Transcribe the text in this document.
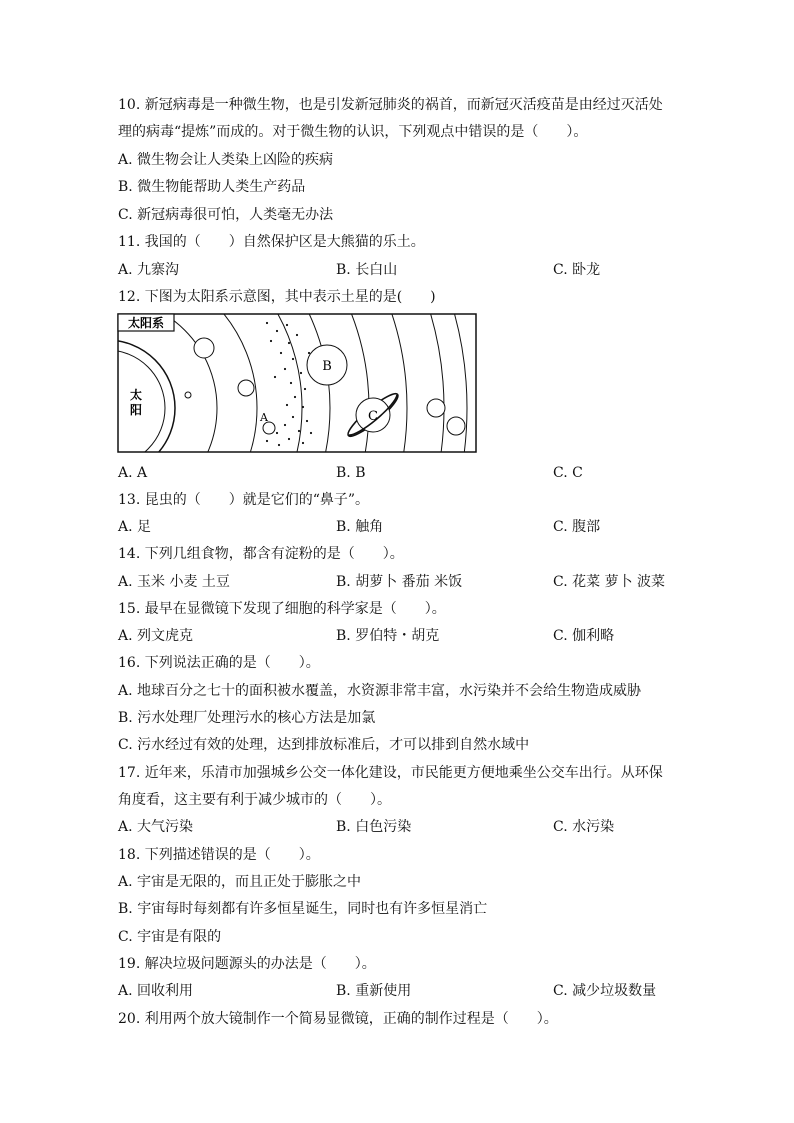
10. 新冠病毒是一种微生物，也是引发新冠肺炎的祸首，而新冠灭活疫苗是由经过灭活处
理的病毒“提炼”而成的。对于微生物的认识，下列观点中错误的是（　　）。
A. 微生物会让人类染上凶险的疾病
B. 微生物能帮助人类生产药品
C. 新冠病毒很可怕，人类毫无办法
11. 我国的（　　）自然保护区是大熊猫的乐土。
A. 九寨沟	B. 长白山	C. 卧龙
12. 下图为太阳系示意图，其中表示土星的是(　　)
太阳系
太
阳
A
B
C
A. A	B. B	C. C
13. 昆虫的（　　）就是它们的“鼻子”。
A. 足	B. 触角	C. 腹部
14. 下列几组食物，都含有淀粉的是（　　）。
A. 玉米 小麦 土豆	B. 胡萝卜 番茄 米饭	C. 花菜 萝卜 波菜
15. 最早在显微镜下发现了细胞的科学家是（　　）。
A. 列文虎克	B. 罗伯特・胡克	C. 伽利略
16. 下列说法正确的是（　　）。
A. 地球百分之七十的面积被水覆盖，水资源非常丰富，水污染并不会给生物造成威胁
B. 污水处理厂处理污水的核心方法是加氯
C. 污水经过有效的处理，达到排放标准后，才可以排到自然水域中
17. 近年来，乐清市加强城乡公交一体化建设，市民能更方便地乘坐公交车出行。从环保
角度看，这主要有利于减少城市的（　　）。
A. 大气污染	B. 白色污染	C. 水污染
18. 下列描述错误的是（　　）。
A. 宇宙是无限的，而且正处于膨胀之中
B. 宇宙每时每刻都有许多恒星诞生，同时也有许多恒星消亡
C. 宇宙是有限的
19. 解决垃圾问题源头的办法是（　　）。
A. 回收利用	B. 重新使用	C. 减少垃圾数量
20. 利用两个放大镜制作一个简易显微镜，正确的制作过程是（　　）。
